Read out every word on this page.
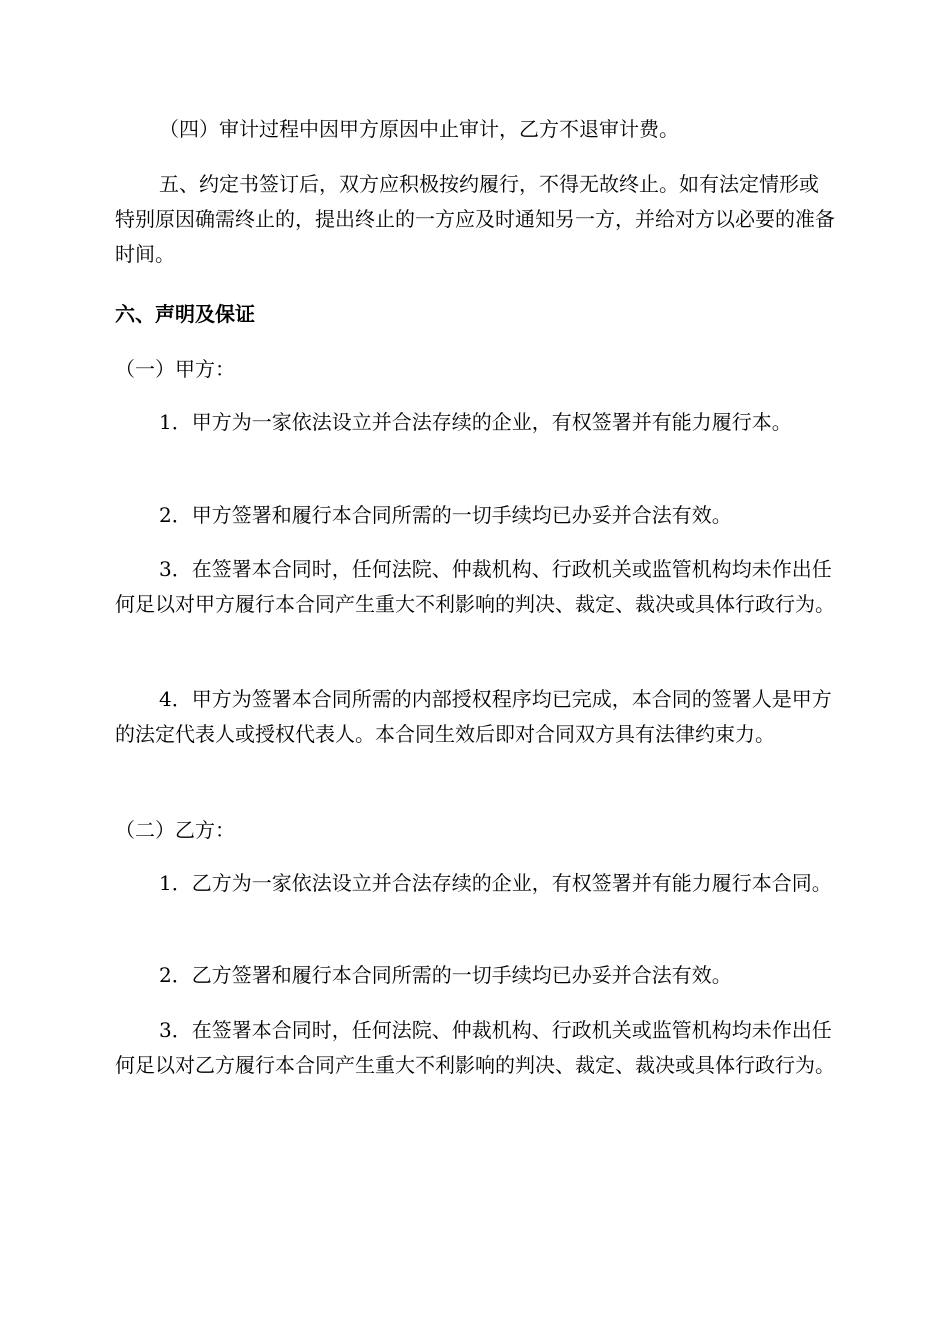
（四）审计过程中因甲方原因中止审计，乙方不退审计费。

五、约定书签订后，双方应积极按约履行，不得无故终止。如有法定情形或特别原因确需终止的，提出终止的一方应及时通知另一方，并给对方以必要的准备时间。

六、声明及保证

（一）甲方：

1．甲方为一家依法设立并合法存续的企业，有权签署并有能力履行本。

2．甲方签署和履行本合同所需的一切手续均已办妥并合法有效。

3．在签署本合同时，任何法院、仲裁机构、行政机关或监管机构均未作出任何足以对甲方履行本合同产生重大不利影响的判决、裁定、裁决或具体行政行为。

4．甲方为签署本合同所需的内部授权程序均已完成，本合同的签署人是甲方的法定代表人或授权代表人。本合同生效后即对合同双方具有法律约束力。

（二）乙方：

1．乙方为一家依法设立并合法存续的企业，有权签署并有能力履行本合同。

2．乙方签署和履行本合同所需的一切手续均已办妥并合法有效。

3．在签署本合同时，任何法院、仲裁机构、行政机关或监管机构均未作出任何足以对乙方履行本合同产生重大不利影响的判决、裁定、裁决或具体行政行为。
